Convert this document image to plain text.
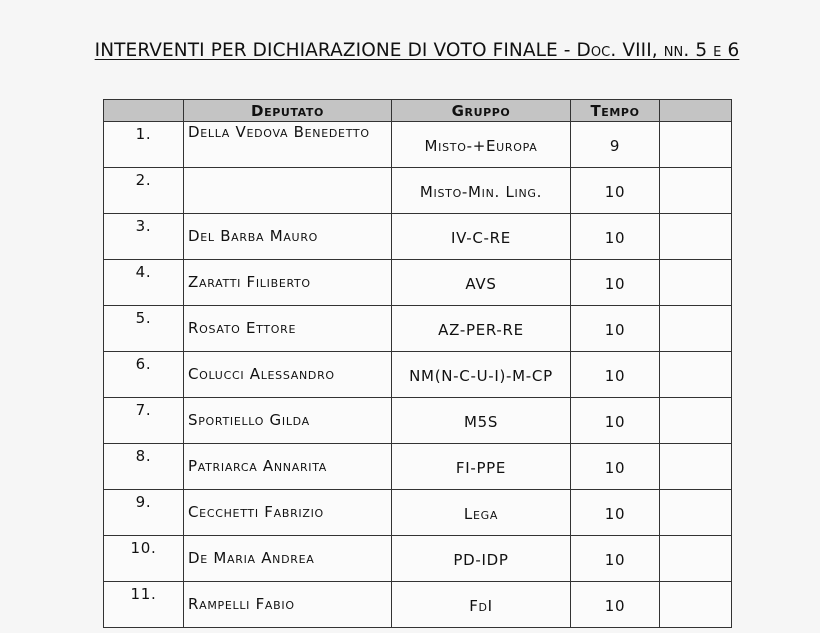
INTERVENTI PER DICHIARAZIONE DI VOTO FINALE - Doc. VIII, nn. 5 e 6
	Deputato	Gruppo	Tempo	
1.	Della Vedova Benedetto	Misto-+Europa	9	
2.		Misto-Min. Ling.	10	
3.	Del Barba Mauro	IV-C-RE	10	
4.	Zaratti Filiberto	AVS	10	
5.	Rosato Ettore	AZ-PER-RE	10	
6.	Colucci Alessandro	NM(N-C-U-I)-M-CP	10	
7.	Sportiello Gilda	M5S	10	
8.	Patriarca Annarita	FI-PPE	10	
9.	Cecchetti Fabrizio	Lega	10	
10.	De Maria Andrea	PD-IDP	10	
11.	Rampelli Fabio	FdI	10	
